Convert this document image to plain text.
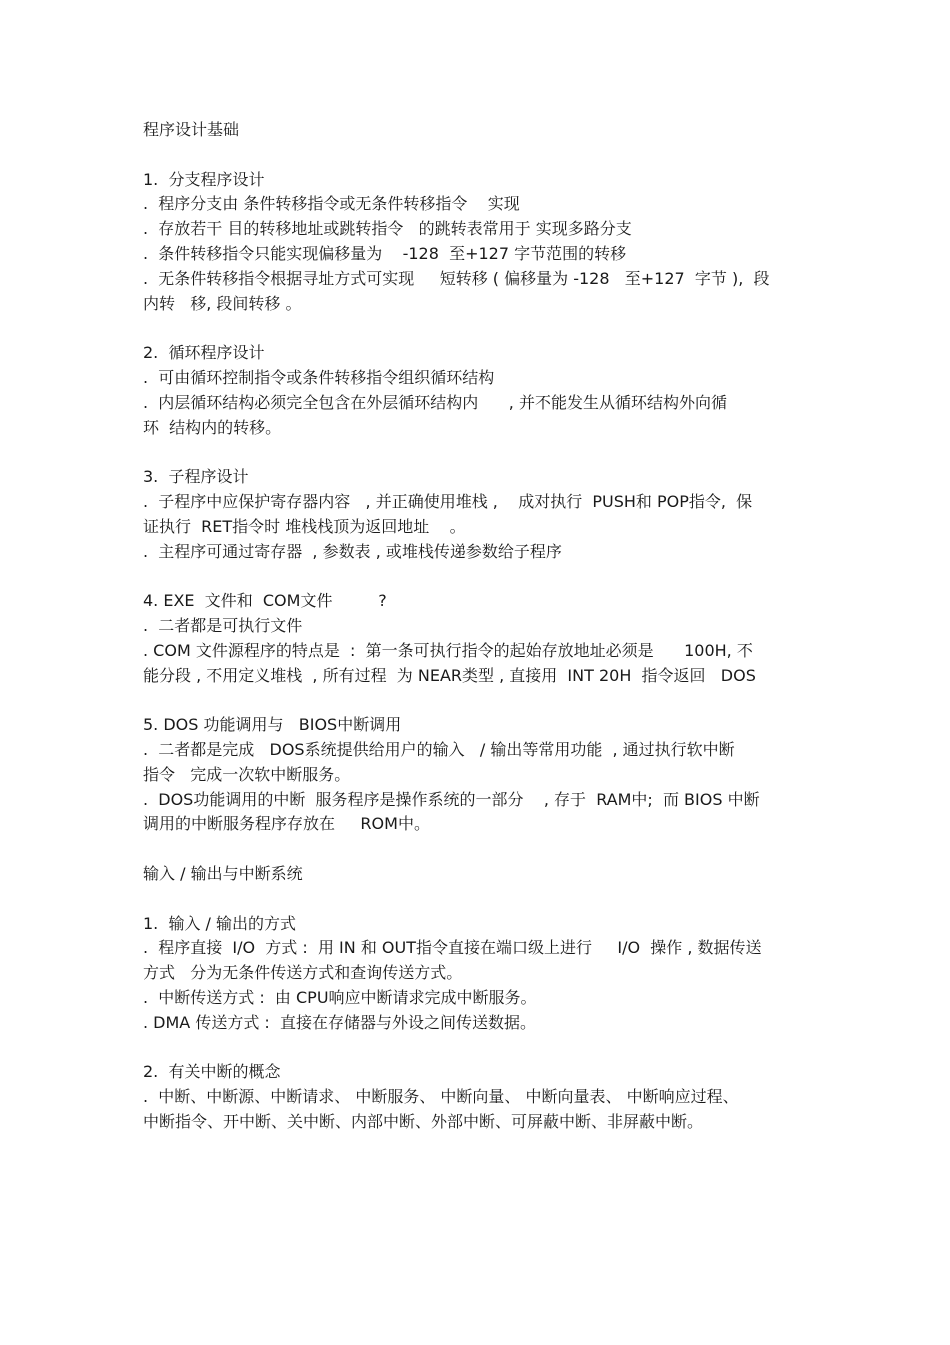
程序设计基础
1.  分支程序设计
.  程序分支由 条件转移指令或无条件转移指令    实现
.  存放若干 目的转移地址或跳转指令   的跳转表常用于 实现多路分支
.  条件转移指令只能实现偏移量为    -128  至+127 字节范围的转移
.  无条件转移指令根据寻址方式可实现     短转移 ( 偏移量为 -128   至+127  字节 ),  段
内转   移, 段间转移 。
2.  循环程序设计
.  可由循环控制指令或条件转移指令组织循环结构
.  内层循环结构必须完全包含在外层循环结构内      , 并不能发生从循环结构外向循
环  结构内的转移。
3.  子程序设计
.  子程序中应保护寄存器内容   , 并正确使用堆栈 ,    成对执行  PUSH和 POP指令,  保
证执行  RET指令时 堆栈栈顶为返回地址    。
.  主程序可通过寄存器  , 参数表 , 或堆栈传递参数给子程序
4. EXE  文件和  COM文件         ?
.  二者都是可执行文件
. COM 文件源程序的特点是  :  第一条可执行指令的起始存放地址必须是      100H, 不
能分段 , 不用定义堆栈  , 所有过程  为 NEAR类型 , 直接用  INT 20H  指令返回   DOS
5. DOS 功能调用与   BIOS中断调用
.  二者都是完成   DOS系统提供给用户的输入   / 输出等常用功能  , 通过执行软中断
指令   完成一次软中断服务。
.  DOS功能调用的中断  服务程序是操作系统的一部分    , 存于  RAM中;  而 BIOS 中断
调用的中断服务程序存放在     ROM中。
输入 / 输出与中断系统
1.  输入 / 输出的方式
.  程序直接  I/O  方式 :  用 IN 和 OUT指令直接在端口级上进行     I/O  操作 , 数据传送
方式   分为无条件传送方式和查询传送方式。
.  中断传送方式 :  由 CPU响应中断请求完成中断服务。
. DMA 传送方式 :  直接在存储器与外设之间传送数据。
2.  有关中断的概念
.  中断、中断源、中断请求、 中断服务、 中断向量、 中断向量表、 中断响应过程、
中断指令、开中断、关中断、内部中断、外部中断、可屏蔽中断、非屏蔽中断。
